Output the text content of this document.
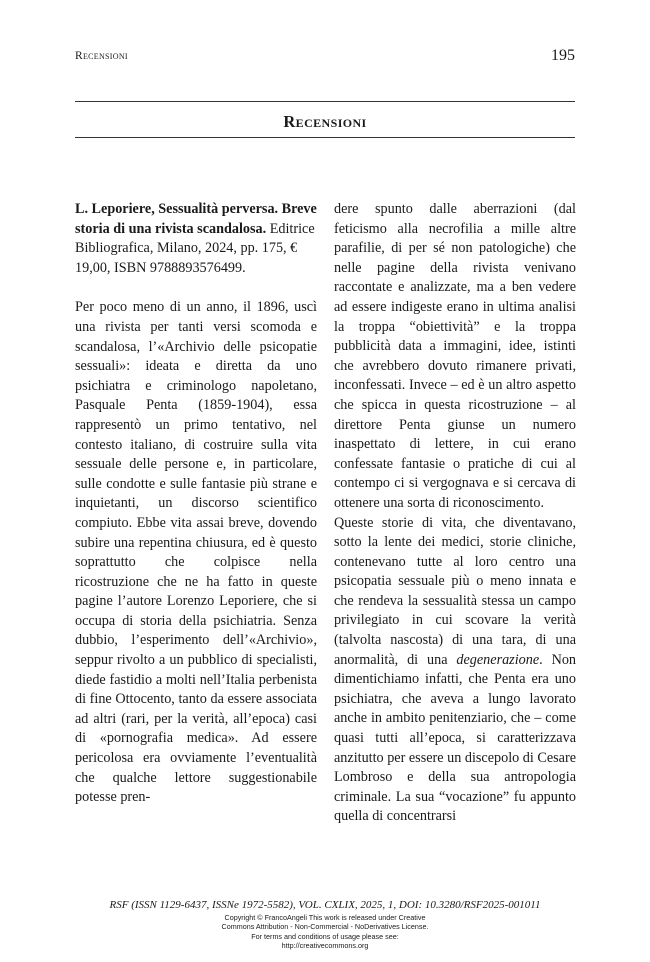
Recensioni	195
Recensioni

L. Leporiere, Sessualità perversa. Breve storia di una rivista scandalosa. Editrice Bibliografica, Milano, 2024, pp. 175, € 19,00, ISBN 9788893576499.

Per poco meno di un anno, il 1896, uscì una rivista per tanti versi scomoda e scandalosa, l’«Archivio delle psicopatie sessuali»: ideata e diretta da uno psichiatra e criminologo napoletano, Pasquale Penta (1859-1904), essa rappresentò un primo tentativo, nel contesto italiano, di costruire sulla vita sessuale delle persone e, in particolare, sulle condotte e sulle fantasie più strane e inquietanti, un discorso scientifico compiuto. Ebbe vita assai breve, dovendo subire una repentina chiusura, ed è questo soprattutto che colpisce nella ricostruzione che ne ha fatto in queste pagine l’autore Lorenzo Leporiere, che si occupa di storia della psichiatria. Senza dubbio, l’esperimento dell’«Archivio», seppur rivolto a un pubblico di specialisti, diede fastidio a molti nell’Italia perbenista di fine Ottocento, tanto da essere associata ad altri (rari, per la verità, all’epoca) casi di «pornografia medica». Ad essere pericolosa era ovviamente l’eventualità che qualche lettore suggestionabile potesse pren-

dere spunto dalle aberrazioni (dal feticismo alla necrofilia a mille altre parafilie, di per sé non patologiche) che nelle pagine della rivista venivano raccontate e analizzate, ma a ben vedere ad essere indigeste erano in ultima analisi la troppa “obiettività” e la troppa pubblicità data a immagini, idee, istinti che avrebbero dovuto rimanere privati, inconfessati. Invece – ed è un altro aspetto che spicca in questa ricostruzione – al direttore Penta giunse un numero inaspettato di lettere, in cui erano confessate fantasie o pratiche di cui al contempo ci si vergognava e si cercava di ottenere una sorta di riconoscimento.

Queste storie di vita, che diventavano, sotto la lente dei medici, storie cliniche, contenevano tutte al loro centro una psicopatia sessuale più o meno innata e che rendeva la sessualità stessa un campo privilegiato in cui scovare la verità (talvolta nascosta) di una tara, di una anormalità, di una degenerazione. Non dimentichiamo infatti, che Penta era uno psichiatra, che aveva a lungo lavorato anche in ambito penitenziario, che – come quasi tutti all’epoca, si caratterizzava anzitutto per essere un discepolo di Cesare Lombroso e della sua antropologia criminale. La sua “vocazione” fu appunto quella di concentrarsi

RSF (ISSN 1129-6437, ISSNe 1972-5582), VOL. CXLIX, 2025, 1, DOI: 10.3280/RSF2025-001011
Copyright © FrancoAngeli This work is released under Creative
Commons Attribution - Non-Commercial - NoDerivatives License.
For terms and conditions of usage please see:
http://creativecommons.org
